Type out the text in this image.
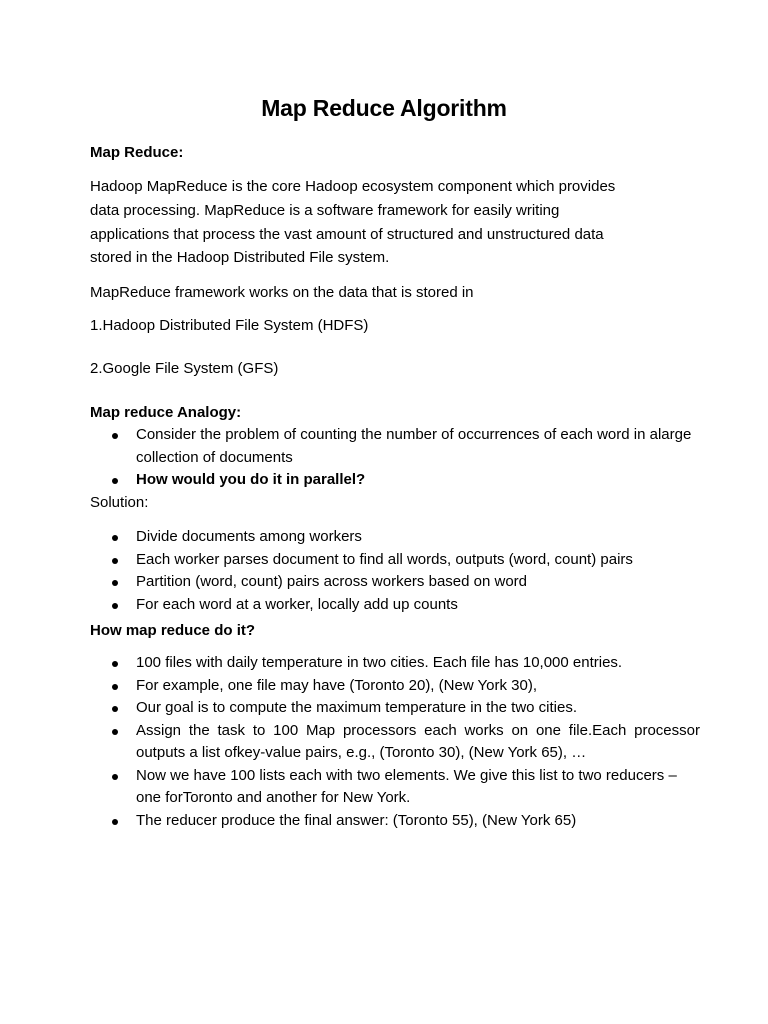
Map Reduce Algorithm
Map Reduce:
Hadoop MapReduce is the core Hadoop ecosystem component which provides
data processing. MapReduce is a software framework for easily writing
applications that process the vast amount of structured and unstructured data
stored in the Hadoop Distributed File system.
MapReduce framework works on the data that is stored in
1.Hadoop Distributed File System (HDFS)
2.Google File System (GFS)
Map reduce Analogy:
Consider the problem of counting the number of occurrences of each word in alarge collection of documents
How would you do it in parallel?
Solution:
Divide documents among workers
Each worker parses document to find all words, outputs (word, count) pairs
Partition (word, count) pairs across workers based on word
For each word at a worker, locally add up counts
How map reduce do it?
100 files with daily temperature in two cities. Each file has 10,000 entries.
For example, one file may have (Toronto 20), (New York 30),
Our goal is to compute the maximum temperature in the two cities.
Assign the task to 100 Map processors each works on one file.Each processor outputs a list ofkey-value pairs, e.g., (Toronto 30), (New York 65), …
Now we have 100 lists each with two elements. We give this list to two reducers – one forToronto and another for New York.
The reducer produce the final answer: (Toronto 55), (New York 65)
